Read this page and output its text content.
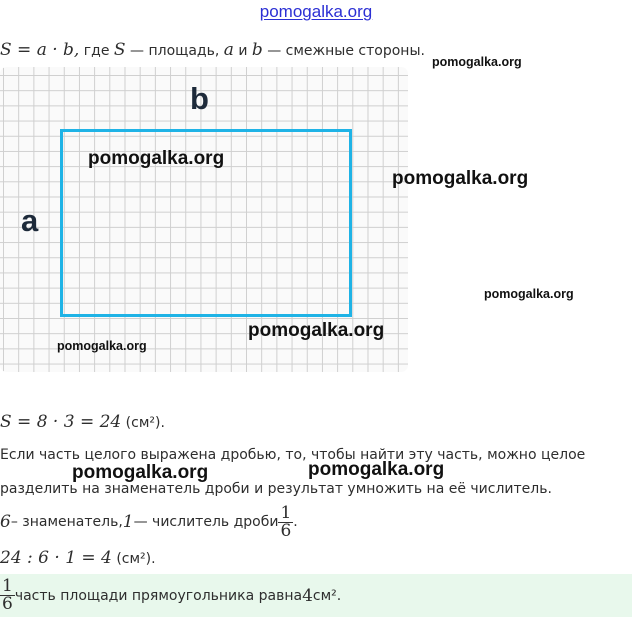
pomogalka.org
S = a · b, где S — площадь, a и b — смежные стороны.
b
a
pomogalka.org
pomogalka.org
pomogalka.org
pomogalka.org
pomogalka.org
pomogalka.org
S = 8 · 3 = 24 (см²).
Если часть целого выражена дробью, то, чтобы найти эту часть, можно целое
разделить на знаменатель дроби и результат умножить на её числитель.
pomogalka.org	pomogalka.org
6 – знаменатель, 1 — числитель дроби $\frac{1}{6}$ .
24 : 6 · 1 = 4 (см²).
$\frac{1}{6}$ часть площади прямоугольника равна 4 см².
